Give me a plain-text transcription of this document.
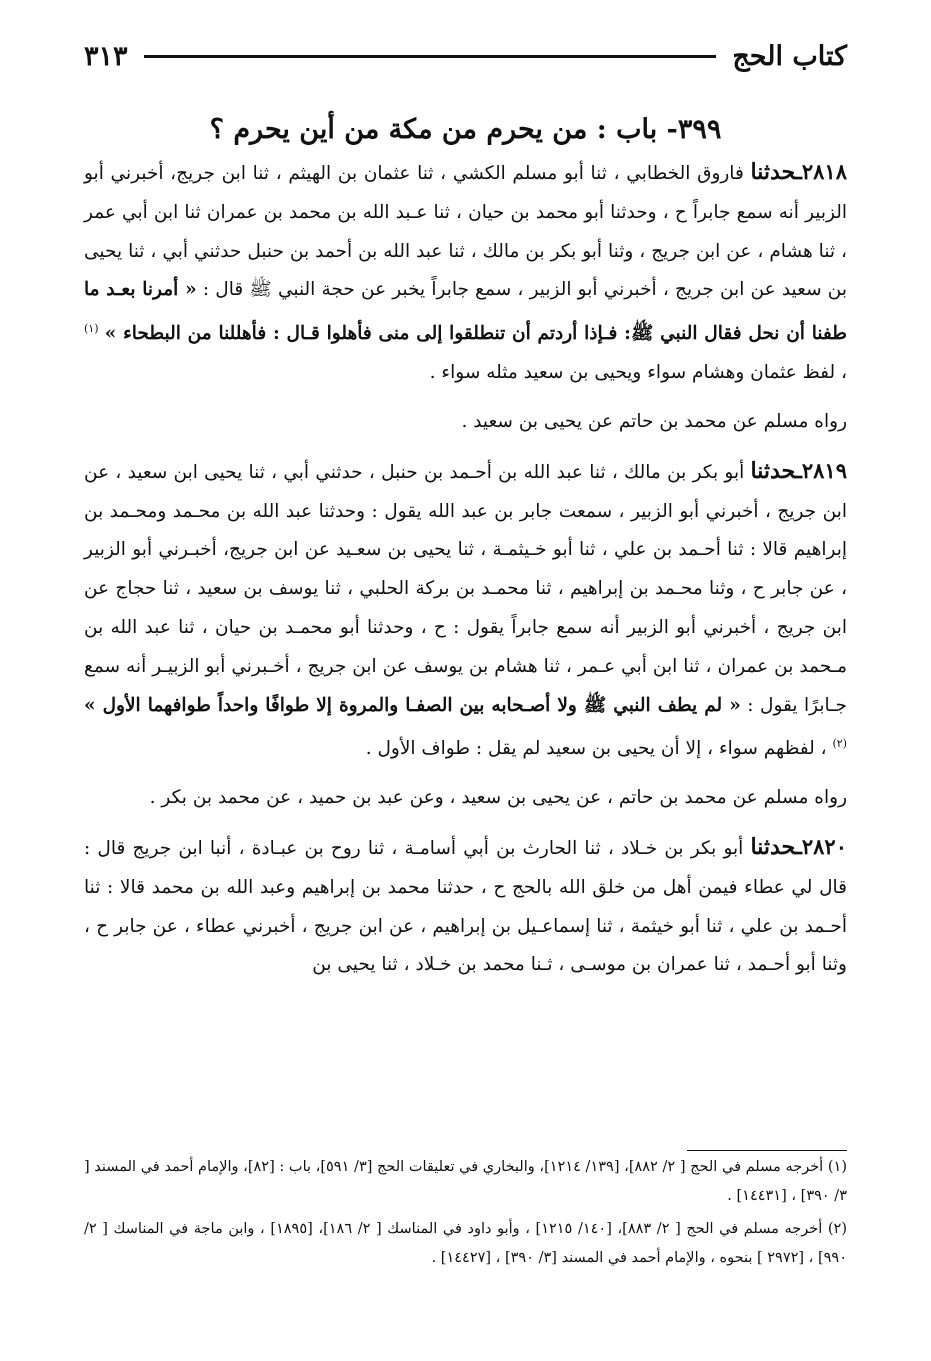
كتاب الحج
٣١٣
٣٩٩- باب : من يحرم من مكة من أين يحرم ؟

٢٨١٨ـحدثنا فاروق الخطابي ، ثنا أبو مسلم الكشي ، ثنا عثمان بن الهيثم ، ثنا ابن جريج، أخبرني أبو الزبير أنه سمع جابراً ح ، وحدثنا أبو محمد بن حيان ، ثنا عـبد الله بن محمد بن عمران ثنا ابن أبي عمر ، ثنا هشام ، عن ابن جريج ، وثنا أبو بكر بن مالك ، ثنا عبد الله بن أحمد بن حنبل حدثني أبي ، ثنا يحيى بن سعيد عن ابن جريج ، أخبرني أبو الزبير ، سمع جابراً يخبر عن حجة النبي ﷺ قال : « أمرنا بعـد ما طفنا أن نحل فقال النبي ﷺ: فـإذا أردتم أن تنطلقوا إلى منى فأهلوا قـال : فأهللنا من البطحاء » $^{(١)}$ ، لفظ عثمان وهشام سواء ويحيى بن سعيد مثله سواء .

رواه مسلم عن محمد بن حاتم عن يحيى بن سعيد .

٢٨١٩ـحدثنا أبو بكر بن مالك ، ثنا عبد الله بن أحـمد بن حنبل ، حدثني أبي ، ثنا يحيى ابن سعيد ، عن ابن جريج ، أخبرني أبو الزبير ، سمعت جابر بن عبد الله يقول : وحدثنا عبد الله بن محـمد ومحـمد بن إبراهيم قالا : ثنا أحـمد بن علي ، ثنا أبو خـيثمـة ، ثنا يحيى بن سعـيد عن ابن جريج، أخبـرني أبو الزبير ، عن جابر ح ، وثنا محـمد بن إبراهيم ، ثنا محمـد بن بركة الحلبي ، ثنا يوسف بن سعيد ، ثنا حجاج عن ابن جريج ، أخبرني أبو الزبير أنه سمع جابراً يقول : ح ، وحدثنا أبو محمـد بن حيان ، ثنا عبد الله بن مـحمد بن عمران ، ثنا ابن أبي عـمر ، ثنا هشام بن يوسف عن ابن جريج ، أخـبرني أبو الزبيـر أنه سمع جـابرًا يقول : « لم يطف النبي ﷺ ولا أصـحابه بين الصفـا والمروة إلا طوافًا واحداً طوافهما الأول » $^{(٢)}$ ، لفظهم سواء ، إلا أن يحيى بن سعيد لم يقل : طواف الأول .

رواه مسلم عن محمد بن حاتم ، عن يحيى بن سعيد ، وعن عبد بن حميد ، عن محمد بن بكر .

٢٨٢٠ـحدثنا أبو بكر بن خـلاد ، ثنا الحارث بن أبي أسامـة ، ثنا روح بن عبـادة ، أنبا ابن جريج قال : قال لي عطاء فيمن أهل من خلق الله بالحج ح ، حدثنا محمد بن إبراهيم وعبد الله بن محمد قالا : ثنا أحـمد بن علي ، ثنا أبو خيثمة ، ثنا إسماعـيل بن إبراهيم ، عن ابن جريج ، أخبرني عطاء ، عن جابر ح ، وثنا أبو أحـمد ، ثنا عمران بن موسـى ، ثـنا محمد بن خـلاد ، ثنا يحيى بن

(١) أخرجه مسلم في الحج [ ٢/ ٨٨٢]، [١٣٩/ ١٢١٤]، والبخاري في تعليقات الحج [٣/ ٥٩١]، باب : [٨٢]، والإمام أحمد في المسند [ ٣/ ٣٩٠] ، [١٤٤٣١] .

(٢) أخرجه مسلم في الحج [ ٢/ ٨٨٣]، [١٤٠/ ١٢١٥] ، وأبو داود في المناسك [ ٢/ ١٨٦]، [١٨٩٥] ، وابن ماجة في المناسك [ ٢/ ٩٩٠] ، [٢٩٧٢ ] بنحوه ، والإمام أحمد في المسند [٣/ ٣٩٠] ، [١٤٤٢٧] .
